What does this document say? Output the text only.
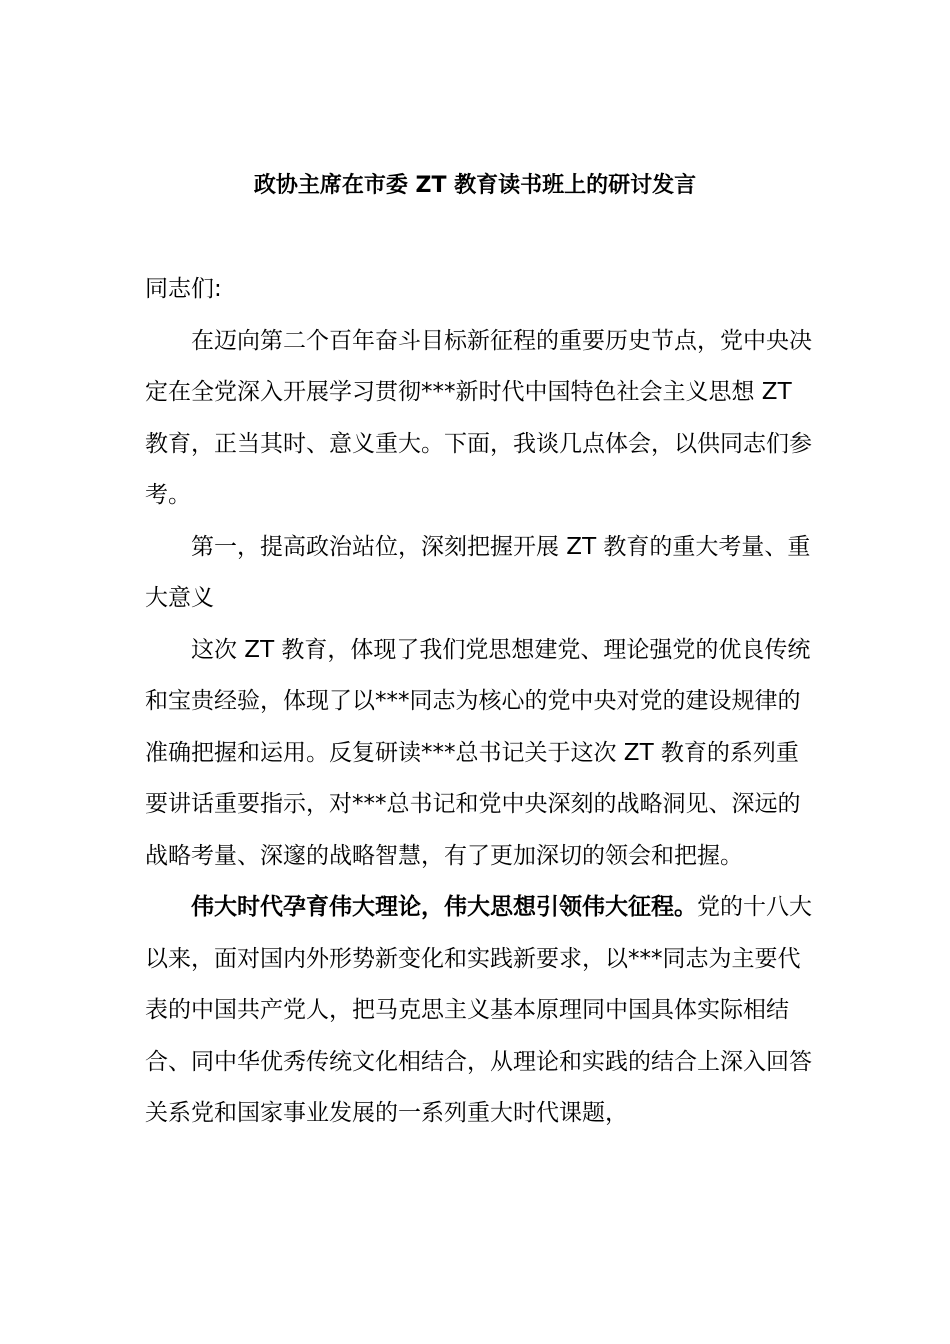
政协主席在市委 ZT 教育读书班上的研讨发言

同志们:

在迈向第二个百年奋斗目标新征程的重要历史节点，党中央决定在全党深入开展学习贯彻***新时代中国特色社会主义思想 ZT 教育，正当其时、意义重大。下面，我谈几点体会，以供同志们参考。

第一，提高政治站位，深刻把握开展 ZT 教育的重大考量、重大意义

这次 ZT 教育，体现了我们党思想建党、理论强党的优良传统和宝贵经验，体现了以***同志为核心的党中央对党的建设规律的准确把握和运用。反复研读***总书记关于这次 ZT 教育的系列重要讲话重要指示，对***总书记和党中央深刻的战略洞见、深远的战略考量、深邃的战略智慧，有了更加深切的领会和把握。

伟大时代孕育伟大理论，伟大思想引领伟大征程。党的十八大以来，面对国内外形势新变化和实践新要求，以***同志为主要代表的中国共产党人，把马克思主义基本原理同中国具体实际相结合、同中华优秀传统文化相结合，从理论和实践的结合上深入回答关系党和国家事业发展的一系列重大时代课题，
